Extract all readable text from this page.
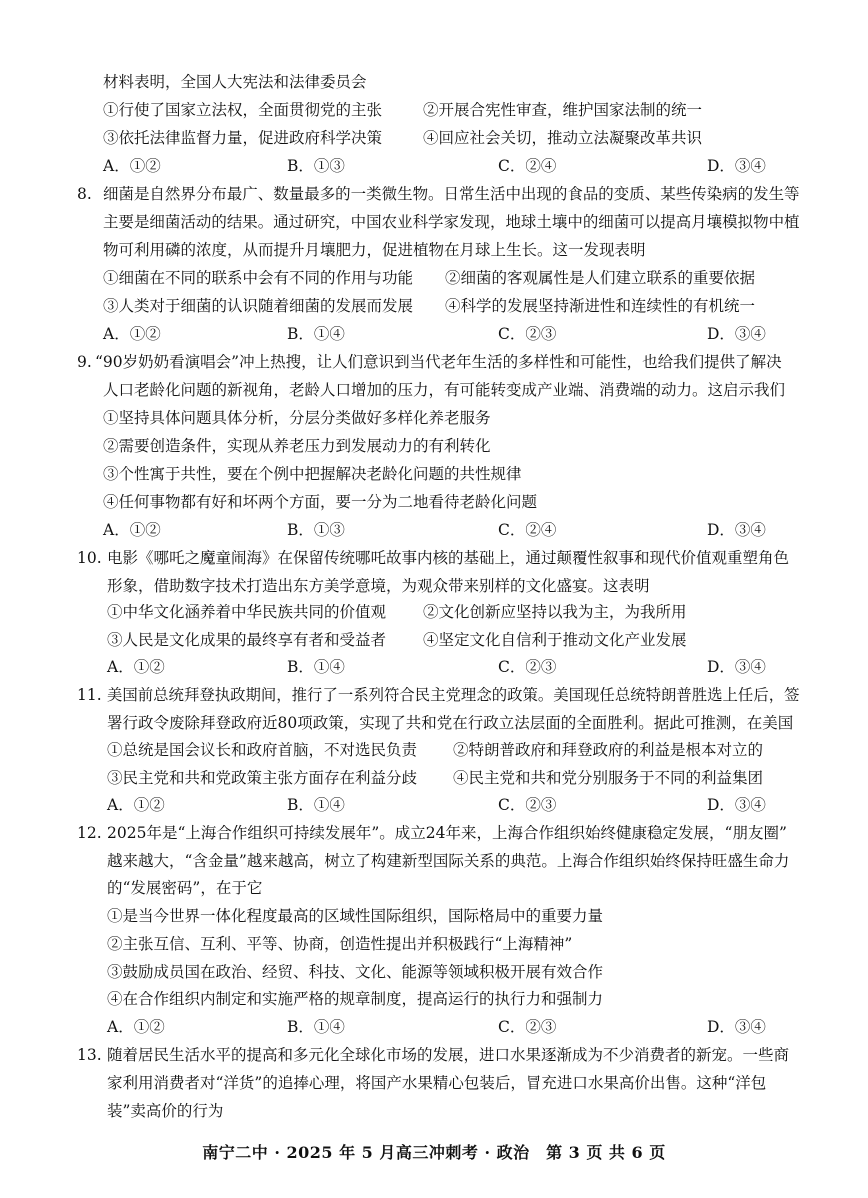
材料表明，全国人大宪法和法律委员会
①行使了国家立法权，全面贯彻党的主张	②开展合宪性审查，维护国家法制的统一
③依托法律监督力量，促进政府科学决策	④回应社会关切，推动立法凝聚改革共识
A．①②	B．①③	C．②④	D．③④
8. 细菌是自然界分布最广、数量最多的一类微生物。日常生活中出现的食品的变质、某些传染病的发生等
主要是细菌活动的结果。通过研究，中国农业科学家发现，地球土壤中的细菌可以提高月壤模拟物中植
物可利用磷的浓度，从而提升月壤肥力，促进植物在月球上生长。这一发现表明
①细菌在不同的联系中会有不同的作用与功能 ②细菌的客观属性是人们建立联系的重要依据
③人类对于细菌的认识随着细菌的发展而发展 ④科学的发展坚持渐进性和连续性的有机统一
A．①②	B．①④	C．②③	D．③④
9. “90岁奶奶看演唱会”冲上热搜，让人们意识到当代老年生活的多样性和可能性，也给我们提供了解决
人口老龄化问题的新视角，老龄人口增加的压力，有可能转变成产业端、消费端的动力。这启示我们
①坚持具体问题具体分析，分层分类做好多样化养老服务
②需要创造条件，实现从养老压力到发展动力的有利转化
③个性寓于共性，要在个例中把握解决老龄化问题的共性规律
④任何事物都有好和坏两个方面，要一分为二地看待老龄化问题
A．①②	B．①③	C．②④	D．③④
10. 电影《哪吒之魔童闹海》在保留传统哪吒故事内核的基础上，通过颠覆性叙事和现代价值观重塑角色
形象，借助数字技术打造出东方美学意境，为观众带来别样的文化盛宴。这表明
①中华文化涵养着中华民族共同的价值观 ②文化创新应坚持以我为主，为我所用
③人民是文化成果的最终享有者和受益者 ④坚定文化自信利于推动文化产业发展
A．①②	B．①④	C．②③	D．③④
11. 美国前总统拜登执政期间，推行了一系列符合民主党理念的政策。美国现任总统特朗普胜选上任后，签
署行政令废除拜登政府近80项政策，实现了共和党在行政立法层面的全面胜利。据此可推测，在美国
①总统是国会议长和政府首脑，不对选民负责 ②特朗普政府和拜登政府的利益是根本对立的
③民主党和共和党政策主张方面存在利益分歧 ④民主党和共和党分别服务于不同的利益集团
A．①②	B．①④	C．②③	D．③④
12. 2025年是“上海合作组织可持续发展年”。成立24年来，上海合作组织始终健康稳定发展，“朋友圈”
越来越大，“含金量”越来越高，树立了构建新型国际关系的典范。上海合作组织始终保持旺盛生命力
的“发展密码”，在于它
①是当今世界一体化程度最高的区域性国际组织，国际格局中的重要力量
②主张互信、互利、平等、协商，创造性提出并积极践行“上海精神”
③鼓励成员国在政治、经贸、科技、文化、能源等领域积极开展有效合作
④在合作组织内制定和实施严格的规章制度，提高运行的执行力和强制力
A．①②	B．①④	C．②③	D．③④
13. 随着居民生活水平的提高和多元化全球化市场的发展，进口水果逐渐成为不少消费者的新宠。一些商
家利用消费者对“洋货”的追捧心理，将国产水果精心包装后，冒充进口水果高价出售。这种“洋包
装”卖高价的行为
南宁二中 · 2025 年 5 月高三冲刺考 · 政治　第 3 页 共 6 页
